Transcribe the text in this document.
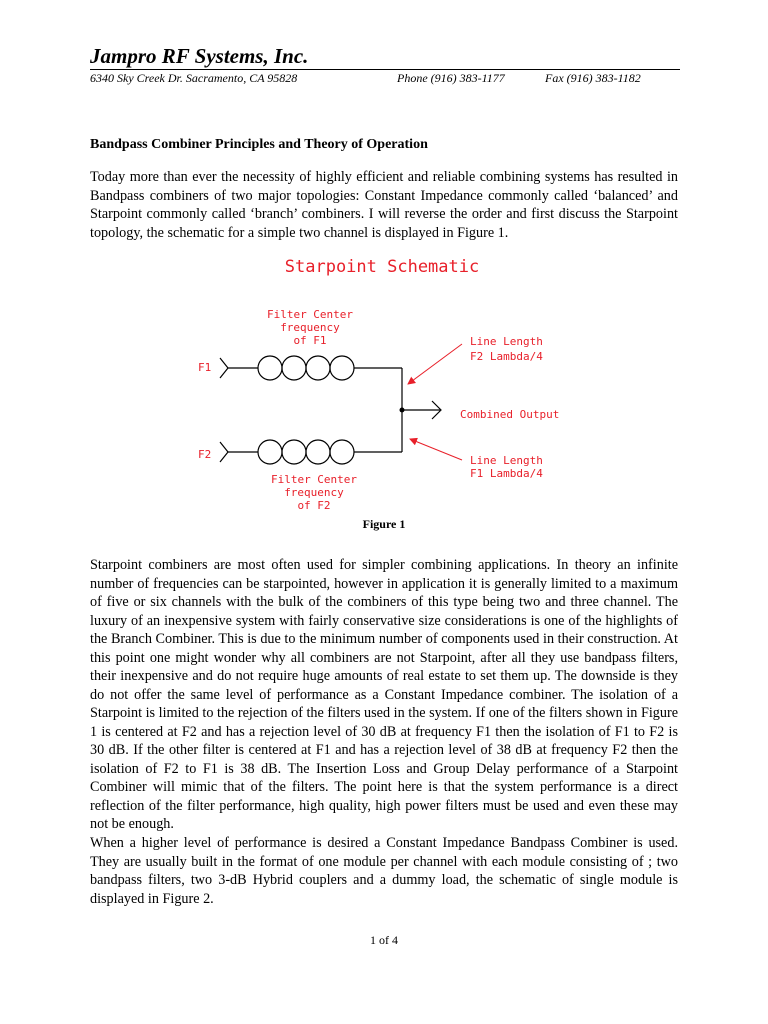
Jampro RF Systems, Inc.
6340 Sky Creek Dr. Sacramento, CA 95828	Phone (916) 383-1177	Fax (916) 383-1182
Bandpass Combiner Principles and Theory of Operation

Today more than ever the necessity of highly efficient and reliable combining systems has resulted in Bandpass combiners of two major topologies: Constant Impedance commonly called ‘balanced’ and Starpoint commonly called ‘branch’ combiners. I will reverse the order and first discuss the Starpoint topology, the schematic for a simple two channel is displayed in Figure 1.

Starpoint Schematic
Filter Center
frequency
of F1
F1
Combined Output
F2
Line Length
F2 Lambda/4
Line Length
F1 Lambda/4
Filter Center
frequency
of F2
Figure 1

Starpoint combiners are most often used for simpler combining applications. In theory an infinite number of frequencies can be starpointed, however in application it is generally limited to a maximum of five or six channels with the bulk of the combiners of this type being two and three channel. The luxury of an inexpensive system with fairly conservative size considerations is one of the highlights of the Branch Combiner. This is due to the minimum number of components used in their construction. At this point one might wonder why all combiners are not Starpoint, after all they use bandpass filters, their inexpensive and do not require huge amounts of real estate to set them up. The downside is they do not offer the same level of performance as a Constant Impedance combiner. The isolation of a Starpoint is limited to the rejection of the filters used in the system. If one of the filters shown in Figure 1 is centered at F2 and has a rejection level of 30 dB at frequency F1 then the isolation of F1 to F2 is 30 dB. If the other filter is centered at F1 and has a rejection level of 38 dB at frequency F2 then the isolation of F2 to F1 is 38 dB. The Insertion Loss and Group Delay performance of a Starpoint Combiner will mimic that of the filters. The point here is that the system performance is a direct reflection of the filter performance, high quality, high power filters must be used and even these may not be enough.

When a higher level of performance is desired a Constant Impedance Bandpass Combiner is used. They are usually built in the format of one module per channel with each module consisting of ; two bandpass filters, two 3-dB Hybrid couplers and a dummy load, the schematic of single module is displayed in Figure 2.

1 of 4
